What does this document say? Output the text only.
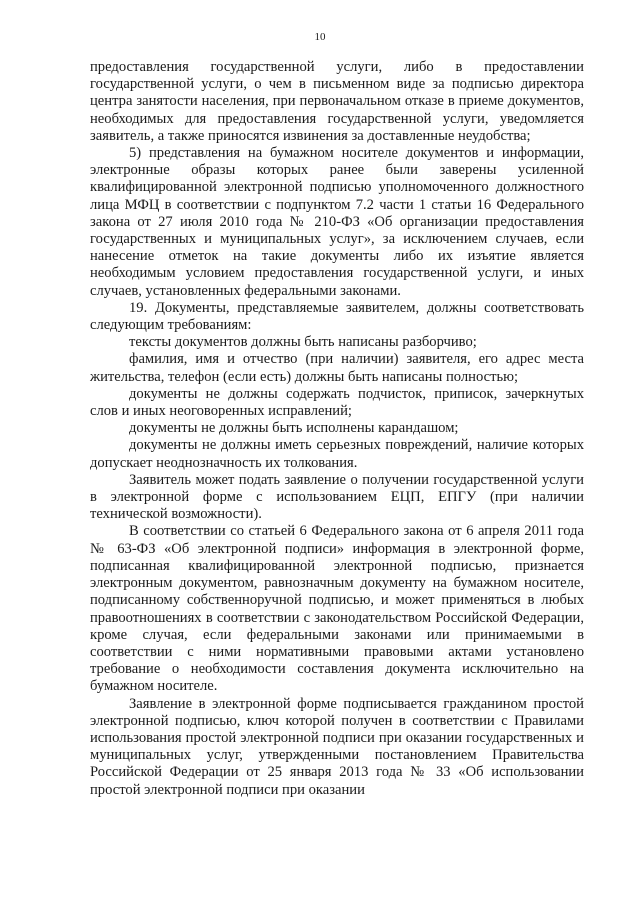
10

предоставления государственной услуги, либо в предоставлении государственной услуги, о чем в письменном виде за подписью директора центра занятости населения, при первоначальном отказе в приеме документов, необходимых для предоставления государственной услуги, уведомляется заявитель, а также приносятся извинения за доставленные неудобства;

5) представления на бумажном носителе документов и информации, электронные образы которых ранее были заверены усиленной квалифицированной электронной подписью уполномоченного должностного лица МФЦ в соответствии с подпунктом 7.2 части 1 статьи 16 Федерального закона от 27 июля 2010 года № 210-ФЗ «Об организации предоставления государственных и муниципальных услуг», за исключением случаев, если нанесение отметок на такие документы либо их изъятие является необходимым условием предоставления государственной услуги, и иных случаев, установленных федеральными законами.

19. Документы, представляемые заявителем, должны соответствовать следующим требованиям:

тексты документов должны быть написаны разборчиво;

фамилия, имя и отчество (при наличии) заявителя, его адрес места жительства, телефон (если есть) должны быть написаны полностью;

документы не должны содержать подчисток, приписок, зачеркнутых слов и иных неоговоренных исправлений;

документы не должны быть исполнены карандашом;

документы не должны иметь серьезных повреждений, наличие которых допускает неоднозначность их толкования.

Заявитель может подать заявление о получении государственной услуги в электронной форме с использованием ЕЦП, ЕПГУ (при наличии технической возможности).

В соответствии со статьей 6 Федерального закона от 6 апреля 2011 года № 63-ФЗ «Об электронной подписи» информация в электронной форме, подписанная квалифицированной электронной подписью, признается электронным документом, равнозначным документу на бумажном носителе, подписанному собственноручной подписью, и может применяться в любых правоотношениях в соответствии с законодательством Российской Федерации, кроме случая, если федеральными законами или принимаемыми в соответствии с ними нормативными правовыми актами установлено требование о необходимости составления документа исключительно на бумажном носителе.

Заявление в электронной форме подписывается гражданином простой электронной подписью, ключ которой получен в соответствии с Правилами использования простой электронной подписи при оказании государственных и муниципальных услуг, утвержденными постановлением Правительства Российской Федерации от 25 января 2013 года № 33 «Об использовании простой электронной подписи при оказании
